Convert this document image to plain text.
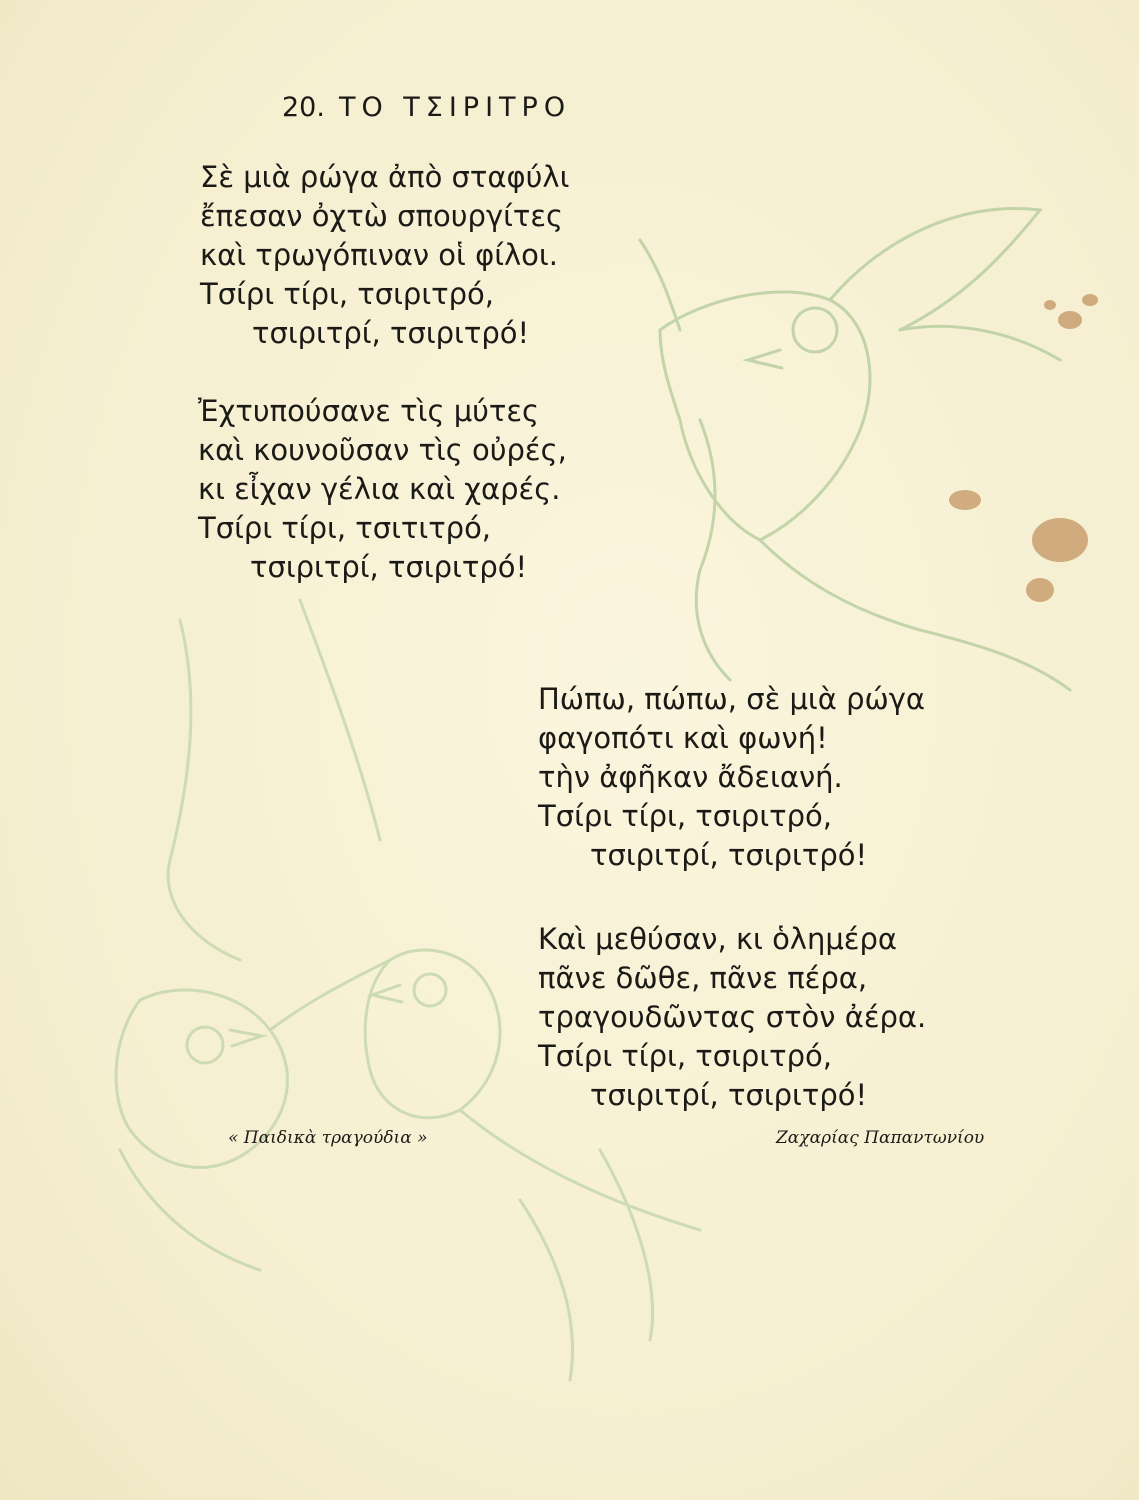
20. ΤΟ ΤΣΙΡΙΤΡΟ
Σὲ μιὰ ρώγα ἀπὸ σταφύλι
ἔπεσαν ὀχτὼ σπουργίτες
καὶ τρωγόπιναν οἱ φίλοι.
Τσίρι τίρι, τσιριτρό,
τσιριτρί, τσιριτρό!
Ἐχτυπούσανε τὶς μύτες
καὶ κουνοῦσαν τὶς οὐρές,
κι εἶχαν γέλια καὶ χαρές.
Τσίρι τίρι, τσιτιτρό,
τσιριτρί, τσιριτρό!
Πώπω, πώπω, σὲ μιὰ ρώγα
φαγοπότι καὶ φωνή!
τὴν ἀφῆκαν ἄδειανή.
Τσίρι τίρι, τσιριτρό,
τσιριτρί, τσιριτρό!
Καὶ μεθύσαν, κι ὁλημέρα
πᾶνε δῶθε, πᾶνε πέρα,
τραγουδῶντας στὸν ἀέρα.
Τσίρι τίρι, τσιριτρό,
τσιριτρί, τσιριτρό!
« Παιδικὰ τραγούδια »	Ζαχαρίας Παπαντωνίου
